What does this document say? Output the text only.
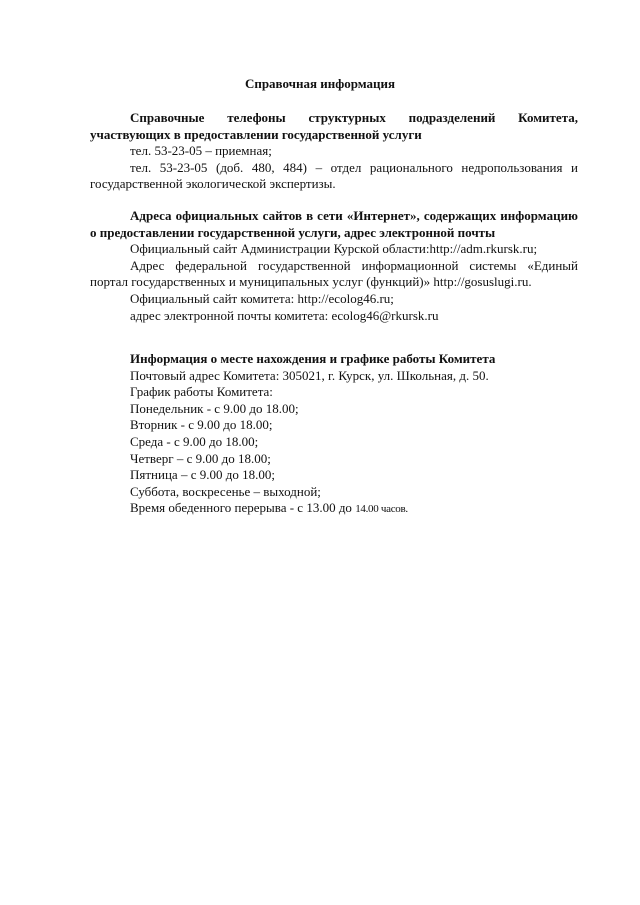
Справочная информация

Справочные телефоны структурных подразделений Комитета, участвующих в предоставлении государственной услуги

тел. 53-23-05 – приемная;

тел. 53-23-05 (доб. 480, 484) – отдел рационального недропользования и государственной экологической экспертизы.

Адреса официальных сайтов в сети «Интернет», содержащих информацию о предоставлении государственной услуги, адрес электронной почты

Официальный сайт Администрации Курской области:http://adm.rkursk.ru;

Адрес федеральной государственной информационной системы «Единый портал государственных и муниципальных услуг (функций)» http://gosuslugi.ru.

Официальный сайт комитета: http://ecolog46.ru;

адрес электронной почты комитета: ecolog46@rkursk.ru

Информация о месте нахождения и графике работы Комитета

Почтовый адрес Комитета: 305021, г. Курск, ул. Школьная, д. 50.

График работы Комитета:

Понедельник - с 9.00 до 18.00;

Вторник - с 9.00 до 18.00;

Среда - с 9.00 до 18.00;

Четверг – с 9.00 до 18.00;

Пятница – с 9.00 до 18.00;

Суббота, воскресенье – выходной;

Время обеденного перерыва - с 13.00 до 14.00 часов.
